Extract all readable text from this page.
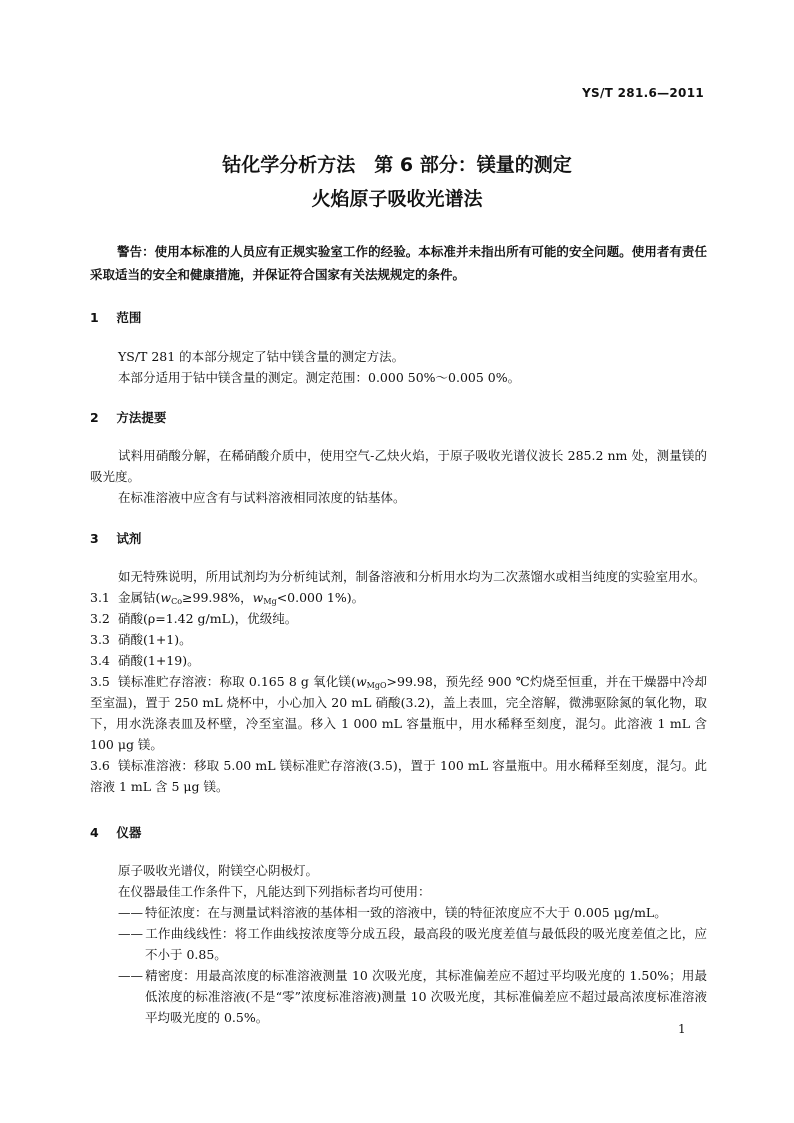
YS/T 281.6—2011
钴化学分析方法　第 6 部分：镁量的测定
火焰原子吸收光谱法
警告：使用本标准的人员应有正规实验室工作的经验。本标准并未指出所有可能的安全问题。使用者有责任采取适当的安全和健康措施，并保证符合国家有关法规规定的条件。
1 范围

YS/T 281 的本部分规定了钴中镁含量的测定方法。

本部分适用于钴中镁含量的测定。测定范围：0.000 50%～0.005 0%。

2 方法提要

试料用硝酸分解，在稀硝酸介质中，使用空气-乙炔火焰，于原子吸收光谱仪波长 285.2 nm 处，测量镁的吸光度。

在标准溶液中应含有与试料溶液相同浓度的钴基体。

3 试剂

如无特殊说明，所用试剂均为分析纯试剂，制备溶液和分析用水均为二次蒸馏水或相当纯度的实验室用水。

3.1 金属钴($w_{Co}\ge 99.98\%$，$w_{Mg}<0.000$ 1%)。

3.2 硝酸(ρ=1.42 g/mL)，优级纯。

3.3 硝酸(1+1)。

3.4 硝酸(1+19)。

3.5 镁标准贮存溶液：称取 0.165 8 g 氧化镁($w_{MgO}>99.98$，预先经 900 ℃灼烧至恒重，并在干燥器中冷却至室温)，置于 250 mL 烧杯中，小心加入 20 mL 硝酸(3.2)，盖上表皿，完全溶解，微沸驱除氮的氧化物，取下，用水洗涤表皿及杯壁，冷至室温。移入 1 000 mL 容量瓶中，用水稀释至刻度，混匀。此溶液 1 mL 含 100 μg 镁。

3.6 镁标准溶液：移取 5.00 mL 镁标准贮存溶液(3.5)，置于 100 mL 容量瓶中。用水稀释至刻度，混匀。此溶液 1 mL 含 5 μg 镁。

4 仪器

原子吸收光谱仪，附镁空心阴极灯。

在仪器最佳工作条件下，凡能达到下列指标者均可使用：

—— 特征浓度：在与测量试料溶液的基体相一致的溶液中，镁的特征浓度应不大于 0.005 μg/mL。

—— 工作曲线线性：将工作曲线按浓度等分成五段，最高段的吸光度差值与最低段的吸光度差值之比，应不小于 0.85。

—— 精密度：用最高浓度的标准溶液测量 10 次吸光度，其标准偏差应不超过平均吸光度的 1.50%；用最低浓度的标准溶液(不是“零”浓度标准溶液)测量 10 次吸光度，其标准偏差应不超过最高浓度标准溶液平均吸光度的 0.5%。

1
